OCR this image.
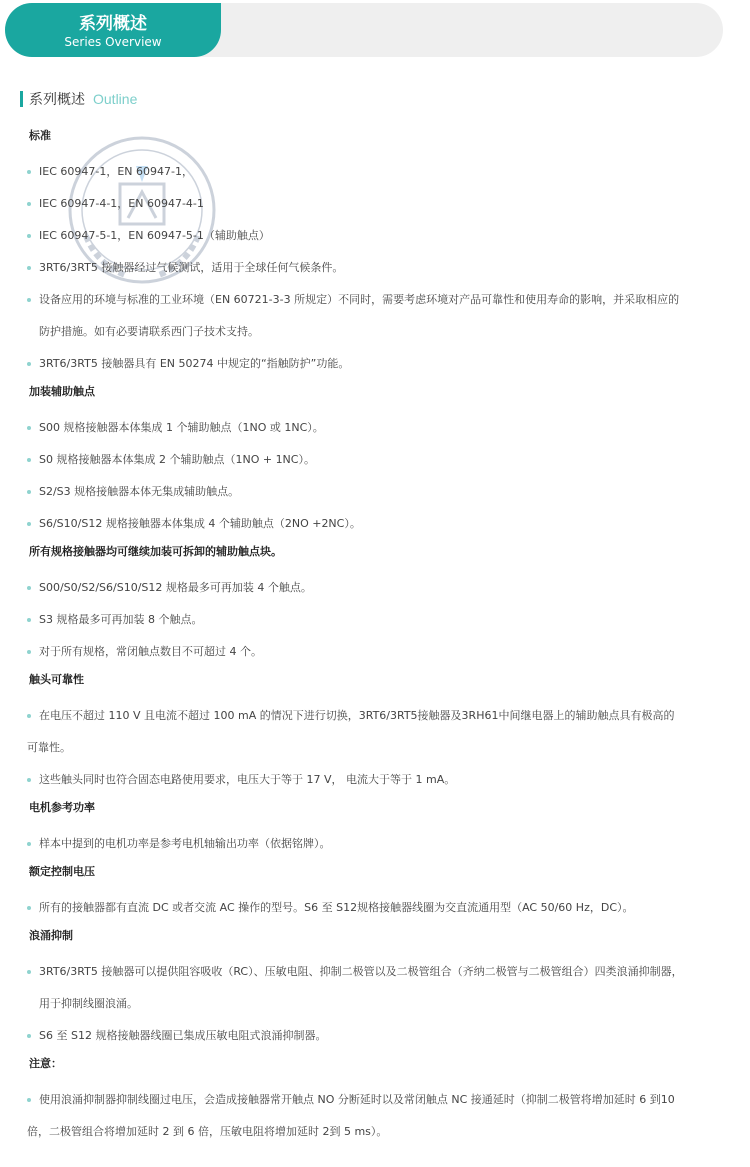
系列概述
Series Overview
系列概述 Outline
标准
IEC 60947-1，EN 60947-1，
IEC 60947-4-1，EN 60947-4-1
IEC 60947-5-1，EN 60947-5-1（辅助触点）
3RT6/3RT5 接触器经过气候测试，适用于全球任何气候条件。
设备应用的环境与标准的工业环境（EN 60721-3-3 所规定）不同时，需要考虑环境对产品可靠性和使用寿命的影响，并采取相应的
防护措施。如有必要请联系西门子技术支持。
3RT6/3RT5 接触器具有 EN 50274 中规定的“指触防护”功能。
加装辅助触点
S00 规格接触器本体集成 1 个辅助触点（1NO 或 1NC）。
S0 规格接触器本体集成 2 个辅助触点（1NO + 1NC）。
S2/S3 规格接触器本体无集成辅助触点。
S6/S10/S12 规格接触器本体集成 4 个辅助触点（2NO +2NC）。
所有规格接触器均可继续加装可拆卸的辅助触点块。
S00/S0/S2/S6/S10/S12 规格最多可再加装 4 个触点。
S3 规格最多可再加装 8 个触点。
对于所有规格，常闭触点数目不可超过 4 个。
触头可靠性
在电压不超过 110 V 且电流不超过 100 mA 的情况下进行切换，3RT6/3RT5接触器及3RH61中间继电器上的辅助触点具有极高的
可靠性。
这些触头同时也符合固态电路使用要求，电压大于等于 17 V， 电流大于等于 1 mA。
电机参考功率
样本中提到的电机功率是参考电机轴输出功率（依据铭牌）。
额定控制电压
所有的接触器都有直流 DC 或者交流 AC 操作的型号。S6 至 S12规格接触器线圈为交直流通用型（AC 50/60 Hz，DC）。
浪涌抑制
3RT6/3RT5 接触器可以提供阻容吸收（RC）、压敏电阻、抑制二极管以及二极管组合（齐纳二极管与二极管组合）四类浪涌抑制器，
用于抑制线圈浪涌。
S6 至 S12 规格接触器线圈已集成压敏电阻式浪涌抑制器。
注意：
使用浪涌抑制器抑制线圈过电压，会造成接触器常开触点 NO 分断延时以及常闭触点 NC 接通延时（抑制二极管将增加延时 6 到10
倍，二极管组合将增加延时 2 到 6 倍，压敏电阻将增加延时 2到 5 ms）。
